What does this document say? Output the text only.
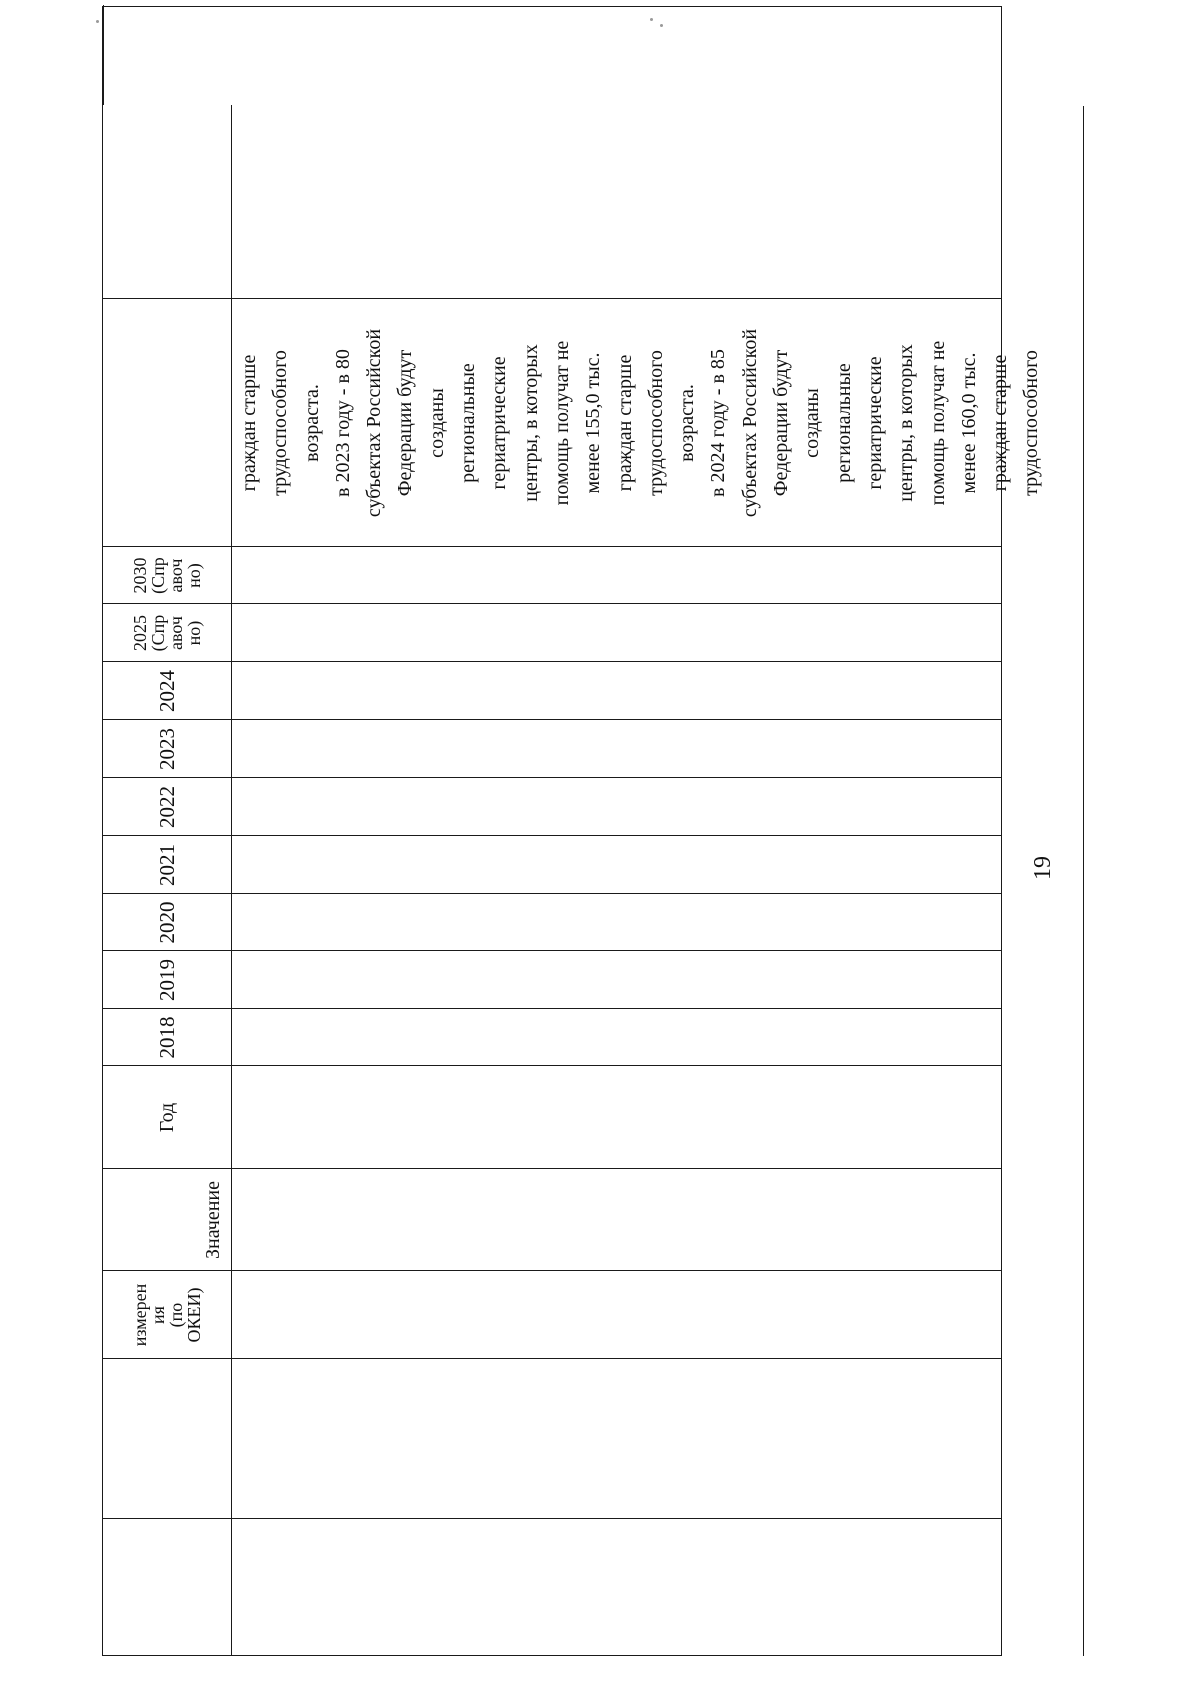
измерен
ия
(по
ОКЕИ)
Значение
Год
2018
2019
2020
2021
2022
2023
2024
2025
(Спр
авоч
но)
2030
(Спр
авоч
но)
граждан старше трудоспособного возраста. в 2023 году - в 80 субъектах Российской Федерации будут созданы региональные гериатрические центры, в которых помощь получат не менее 155,0 тыс. граждан старше трудоспособного возраста. в 2024 году - в 85 субъектах Российской Федерации будут созданы региональные гериатрические центры, в которых помощь получат не менее 160,0 тыс. граждан старше трудоспособного
19
